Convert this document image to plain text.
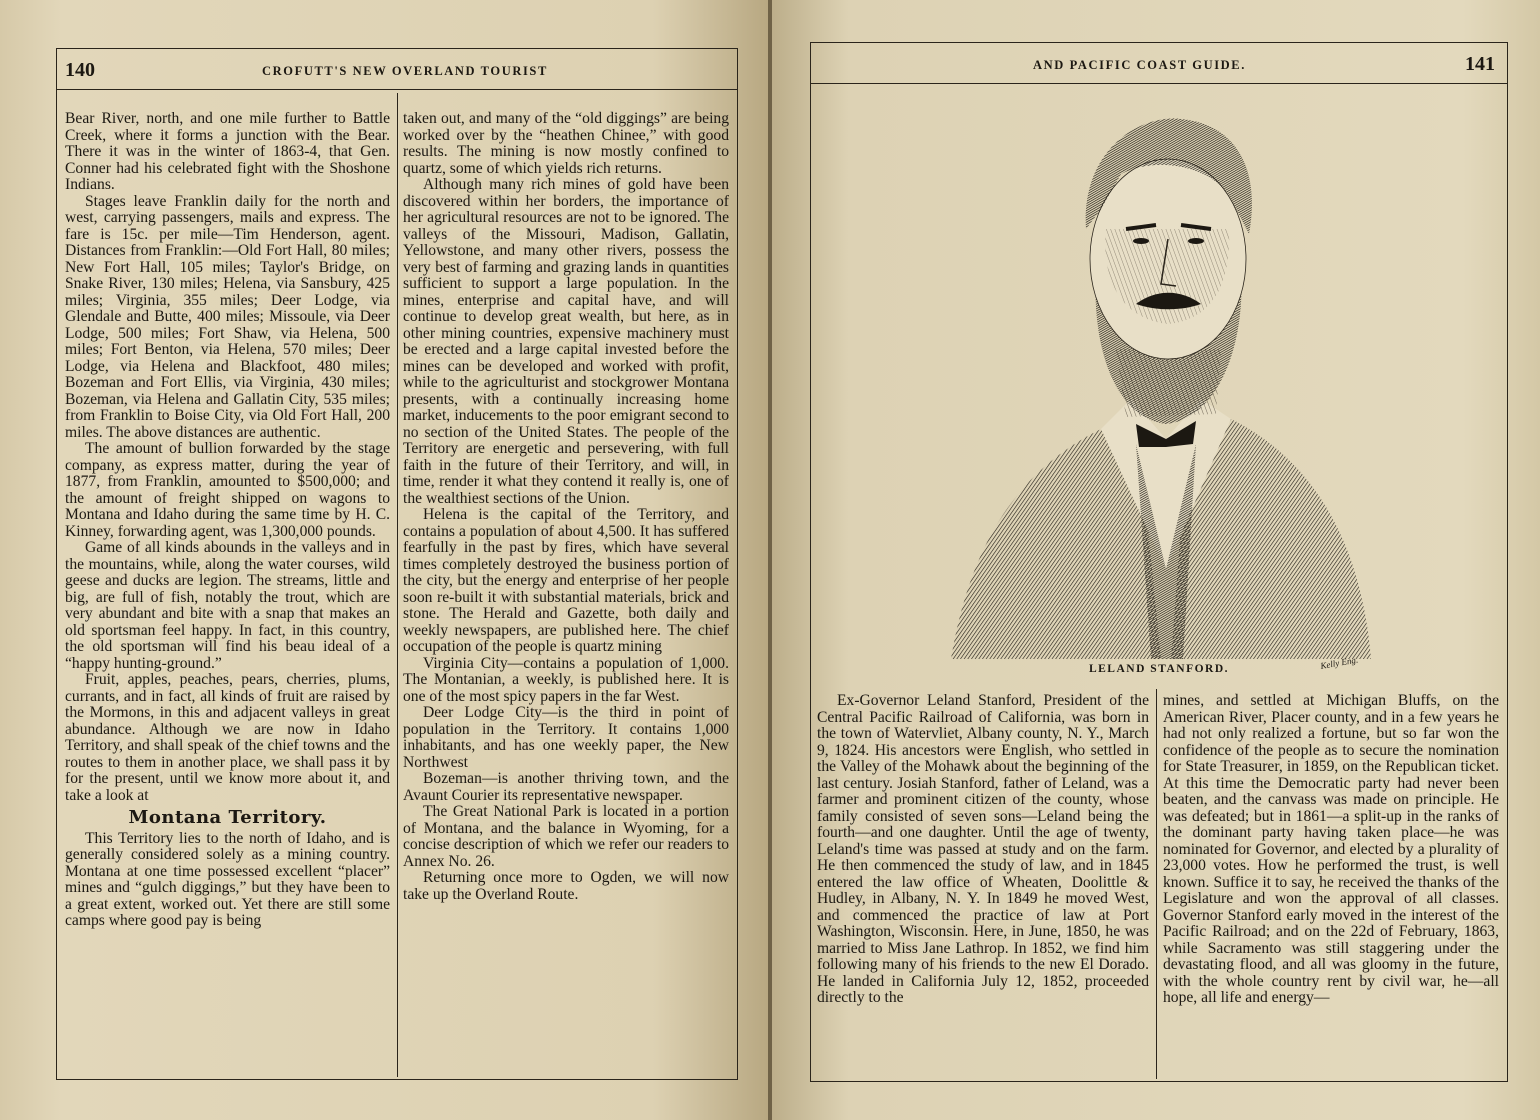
140	CROFUTT'S NEW OVERLAND TOURIST

Bear River, north, and one mile further to Battle Creek, where it forms a junction with the Bear. There it was in the winter of 1863-4, that Gen. Conner had his celebrated fight with the Shoshone Indians.

Stages leave Franklin daily for the north and west, carrying passengers, mails and express. The fare is 15c. per mile—Tim Henderson, agent. Distances from Franklin:—Old Fort Hall, 80 miles; New Fort Hall, 105 miles; Taylor's Bridge, on Snake River, 130 miles; Helena, via Sansbury, 425 miles; Virginia, 355 miles; Deer Lodge, via Glendale and Butte, 400 miles; Missoule, via Deer Lodge, 500 miles; Fort Shaw, via Helena, 500 miles; Fort Benton, via Helena, 570 miles; Deer Lodge, via Helena and Blackfoot, 480 miles; Bozeman and Fort Ellis, via Virginia, 430 miles; Bozeman, via Helena and Gallatin City, 535 miles; from Franklin to Boise City, via Old Fort Hall, 200 miles. The above distances are authentic.

The amount of bullion forwarded by the stage company, as express matter, during the year of 1877, from Franklin, amounted to $500,000; and the amount of freight shipped on wagons to Montana and Idaho during the same time by H. C. Kinney, forwarding agent, was 1,300,000 pounds.

Game of all kinds abounds in the valleys and in the mountains, while, along the water courses, wild geese and ducks are legion. The streams, little and big, are full of fish, notably the trout, which are very abundant and bite with a snap that makes an old sportsman feel happy. In fact, in this country, the old sportsman will find his beau ideal of a “happy hunting-ground.”

Fruit, apples, peaches, pears, cherries, plums, currants, and in fact, all kinds of fruit are raised by the Mormons, in this and adjacent valleys in great abundance. Although we are now in Idaho Territory, and shall speak of the chief towns and the routes to them in another place, we shall pass it by for the present, until we know more about it, and take a look at

Montana Territory.

This Territory lies to the north of Idaho, and is generally considered solely as a mining country. Montana at one time possessed excellent “placer” mines and “gulch diggings,” but they have been to a great extent, worked out. Yet there are still some camps where good pay is being

taken out, and many of the “old diggings” are being worked over by the “heathen Chinee,” with good results. The mining is now mostly confined to quartz, some of which yields rich returns.

Although many rich mines of gold have been discovered within her borders, the importance of her agricultural resources are not to be ignored. The valleys of the Missouri, Madison, Gallatin, Yellowstone, and many other rivers, possess the very best of farming and grazing lands in quantities sufficient to support a large population. In the mines, enterprise and capital have, and will continue to develop great wealth, but here, as in other mining countries, expensive machinery must be erected and a large capital invested before the mines can be developed and worked with profit, while to the agriculturist and stockgrower Montana presents, with a continually increasing home market, inducements to the poor emigrant second to no section of the United States. The people of the Territory are energetic and persevering, with full faith in the future of their Territory, and will, in time, render it what they contend it really is, one of the wealthiest sections of the Union.

Helena is the capital of the Territory, and contains a population of about 4,500. It has suffered fearfully in the past by fires, which have several times completely destroyed the business portion of the city, but the energy and enterprise of her people soon re-built it with substantial materials, brick and stone. The Herald and Gazette, both daily and weekly newspapers, are published here. The chief occupation of the people is quartz mining

Virginia City—contains a population of 1,000. The Montanian, a weekly, is published here. It is one of the most spicy papers in the far West.

Deer Lodge City—is the third in point of population in the Territory. It contains 1,000 inhabitants, and has one weekly paper, the New Northwest

Bozeman—is another thriving town, and the Avaunt Courier its representative newspaper.

The Great National Park is located in a portion of Montana, and the balance in Wyoming, for a concise description of which we refer our readers to Annex No. 26.

Returning once more to Ogden, we will now take up the Overland Route.

AND PACIFIC COAST GUIDE.	141
Kelly Eng.
LELAND STANFORD.

Ex-Governor Leland Stanford, President of the Central Pacific Railroad of California, was born in the town of Watervliet, Albany county, N. Y., March 9, 1824. His ancestors were English, who settled in the Valley of the Mohawk about the beginning of the last century. Josiah Stanford, father of Leland, was a farmer and prominent citizen of the county, whose family consisted of seven sons—Leland being the fourth—and one daughter. Until the age of twenty, Leland's time was passed at study and on the farm. He then commenced the study of law, and in 1845 entered the law office of Wheaten, Doolittle & Hudley, in Albany, N. Y. In 1849 he moved West, and commenced the practice of law at Port Washington, Wisconsin. Here, in June, 1850, he was married to Miss Jane Lathrop. In 1852, we find him following many of his friends to the new El Dorado. He landed in California July 12, 1852, proceeded directly to the

mines, and settled at Michigan Bluffs, on the American River, Placer county, and in a few years he had not only realized a fortune, but so far won the confidence of the people as to secure the nomination for State Treasurer, in 1859, on the Republican ticket. At this time the Democratic party had never been beaten, and the canvass was made on principle. He was defeated; but in 1861—a split-up in the ranks of the dominant party having taken place—he was nominated for Governor, and elected by a plurality of 23,000 votes. How he performed the trust, is well known. Suffice it to say, he received the thanks of the Legislature and won the approval of all classes. Governor Stanford early moved in the interest of the Pacific Railroad; and on the 22d of February, 1863, while Sacramento was still staggering under the devastating flood, and all was gloomy in the future, with the whole country rent by civil war, he—all hope, all life and energy—
